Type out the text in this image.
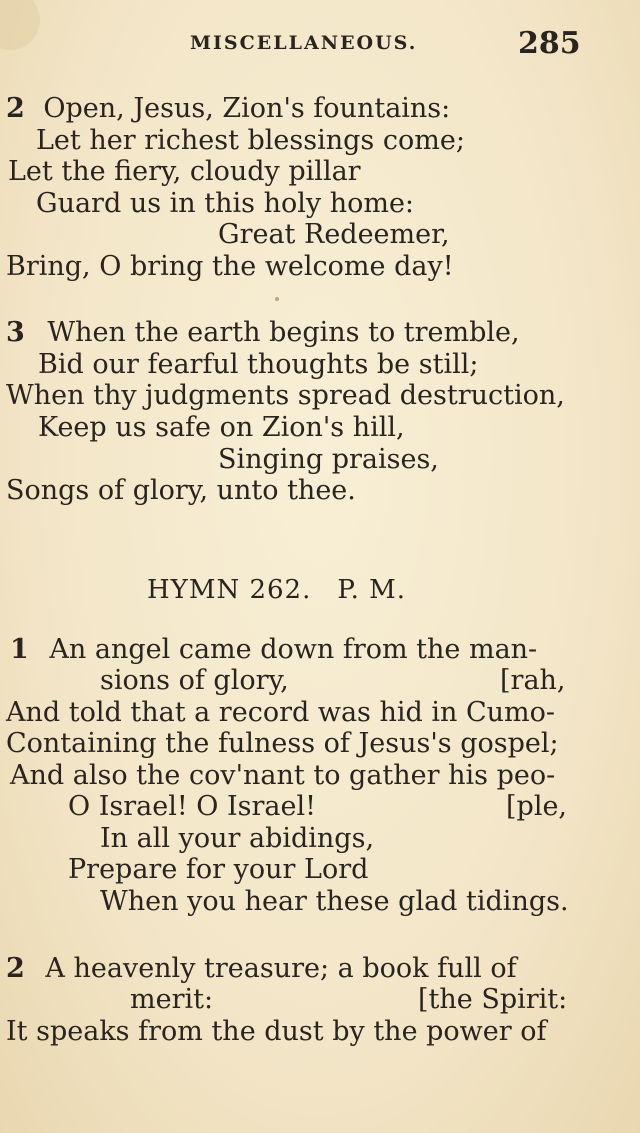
MISCELLANEOUS.	285
2 Open, Jesus, Zion's fountains:
Let her richest blessings come;
Let the fiery, cloudy pillar
Guard us in this holy home:
Great Redeemer,
Bring, O bring the welcome day!
3 When the earth begins to tremble,
Bid our fearful thoughts be still;
When thy judgments spread destruction,
Keep us safe on Zion's hill,
Singing praises,
Songs of glory, unto thee.
HYMN 262. P. M.
1 An angel came down from the man-
sions of glory,	[rah,
And told that a record was hid in Cumo-
Containing the fulness of Jesus's gospel;
And also the cov'nant to gather his peo-
O Israel! O Israel!	[ple,
In all your abidings,
Prepare for your Lord
When you hear these glad tidings.
2 A heavenly treasure; a book full of
merit:	[the Spirit:
It speaks from the dust by the power of
